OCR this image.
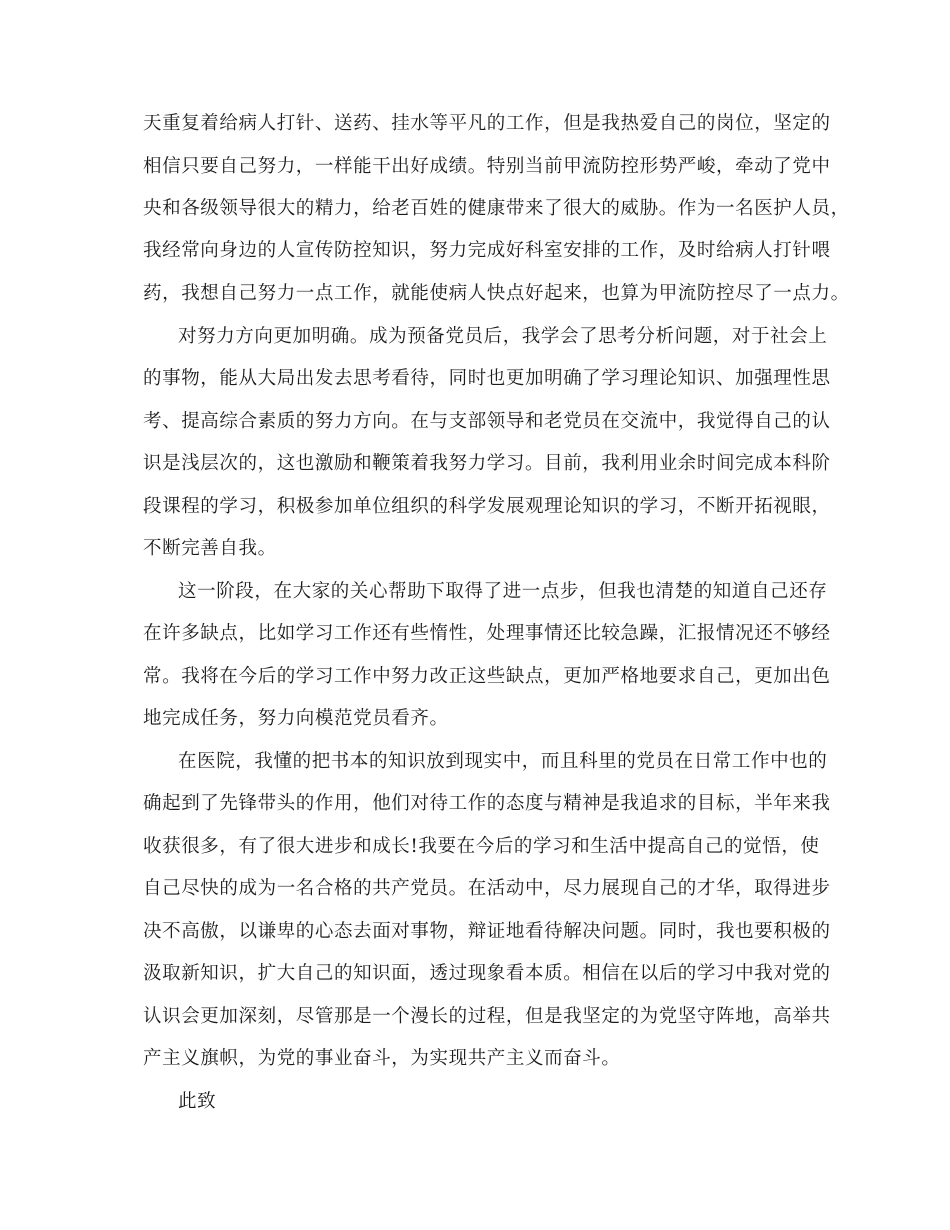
天重复着给病人打针、送药、挂水等平凡的工作，但是我热爱自己的岗位，坚定的
相信只要自己努力，一样能干出好成绩。特别当前甲流防控形势严峻，牵动了党中
央和各级领导很大的精力，给老百姓的健康带来了很大的威胁。作为一名医护人员，
我经常向身边的人宣传防控知识，努力完成好科室安排的工作，及时给病人打针喂
药，我想自己努力一点工作，就能使病人快点好起来，也算为甲流防控尽了一点力。
对努力方向更加明确。成为预备党员后，我学会了思考分析问题，对于社会上
的事物，能从大局出发去思考看待，同时也更加明确了学习理论知识、加强理性思
考、提高综合素质的努力方向。在与支部领导和老党员在交流中，我觉得自己的认
识是浅层次的，这也激励和鞭策着我努力学习。目前，我利用业余时间完成本科阶
段课程的学习，积极参加单位组织的科学发展观理论知识的学习，不断开拓视眼，
不断完善自我。
这一阶段，在大家的关心帮助下取得了进一点步，但我也清楚的知道自己还存
在许多缺点，比如学习工作还有些惰性，处理事情还比较急躁，汇报情况还不够经
常。我将在今后的学习工作中努力改正这些缺点，更加严格地要求自己，更加出色
地完成任务，努力向模范党员看齐。
在医院，我懂的把书本的知识放到现实中，而且科里的党员在日常工作中也的
确起到了先锋带头的作用，他们对待工作的态度与精神是我追求的目标，半年来我
收获很多，有了很大进步和成长!我要在今后的学习和生活中提高自己的觉悟，使
自己尽快的成为一名合格的共产党员。在活动中，尽力展现自己的才华，取得进步
决不高傲，以谦卑的心态去面对事物，辩证地看待解决问题。同时，我也要积极的
汲取新知识，扩大自己的知识面，透过现象看本质。相信在以后的学习中我对党的
认识会更加深刻，尽管那是一个漫长的过程，但是我坚定的为党坚守阵地，高举共
产主义旗帜，为党的事业奋斗，为实现共产主义而奋斗。
此致
